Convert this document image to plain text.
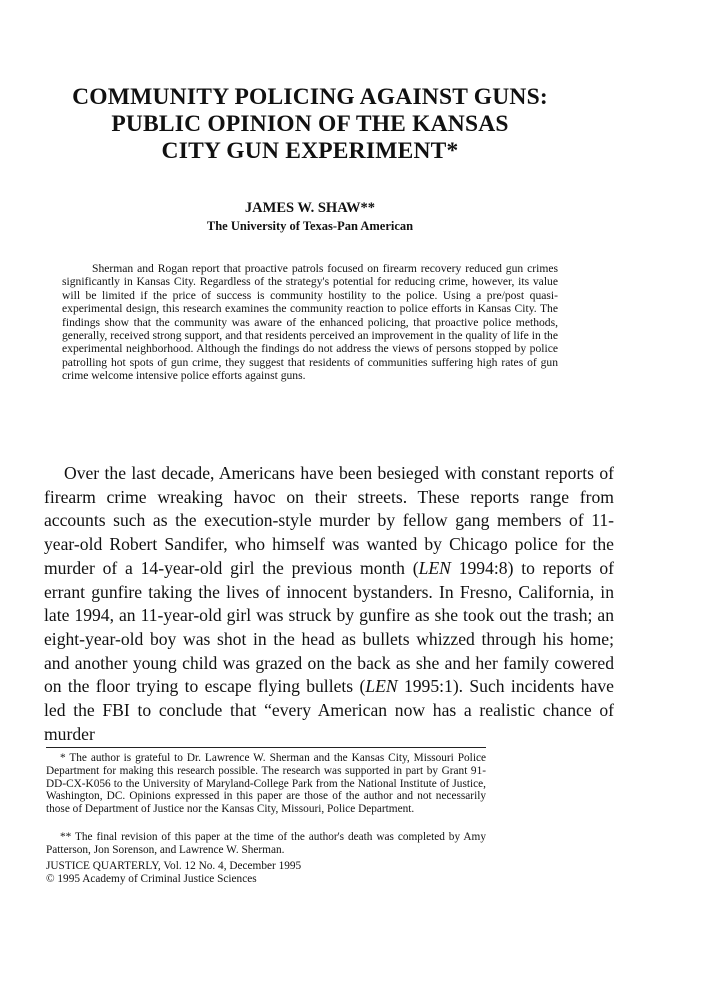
COMMUNITY POLICING AGAINST GUNS:
PUBLIC OPINION OF THE KANSAS
CITY GUN EXPERIMENT*
JAMES W. SHAW**
The University of Texas-Pan American
Sherman and Rogan report that proactive patrols focused on firearm recovery reduced gun crimes significantly in Kansas City. Regardless of the strategy's potential for reducing crime, however, its value will be limited if the price of success is community hostility to the police. Using a pre/post quasi-experimental design, this research examines the community reaction to police efforts in Kansas City. The findings show that the community was aware of the enhanced policing, that proactive police methods, generally, received strong support, and that residents perceived an improvement in the quality of life in the experimental neighborhood. Although the findings do not address the views of persons stopped by police patrolling hot spots of gun crime, they suggest that residents of communities suffering high rates of gun crime welcome intensive police efforts against guns.
Over the last decade, Americans have been besieged with constant reports of firearm crime wreaking havoc on their streets. These reports range from accounts such as the execution-style murder by fellow gang members of 11-year-old Robert Sandifer, who himself was wanted by Chicago police for the murder of a 14-year-old girl the previous month (LEN 1994:8) to reports of errant gunfire taking the lives of innocent bystanders. In Fresno, California, in late 1994, an 11-year-old girl was struck by gunfire as she took out the trash; an eight-year-old boy was shot in the head as bullets whizzed through his home; and another young child was grazed on the back as she and her family cowered on the floor trying to escape flying bullets (LEN 1995:1). Such incidents have led the FBI to conclude that “every American now has a realistic chance of murder
* The author is grateful to Dr. Lawrence W. Sherman and the Kansas City, Missouri Police Department for making this research possible. The research was supported in part by Grant 91-DD-CX-K056 to the University of Maryland-College Park from the National Institute of Justice, Washington, DC. Opinions expressed in this paper are those of the author and not necessarily those of Department of Justice nor the Kansas City, Missouri, Police Department.
** The final revision of this paper at the time of the author's death was completed by Amy Patterson, Jon Sorenson, and Lawrence W. Sherman.
JUSTICE QUARTERLY, Vol. 12 No. 4, December 1995
© 1995 Academy of Criminal Justice Sciences
